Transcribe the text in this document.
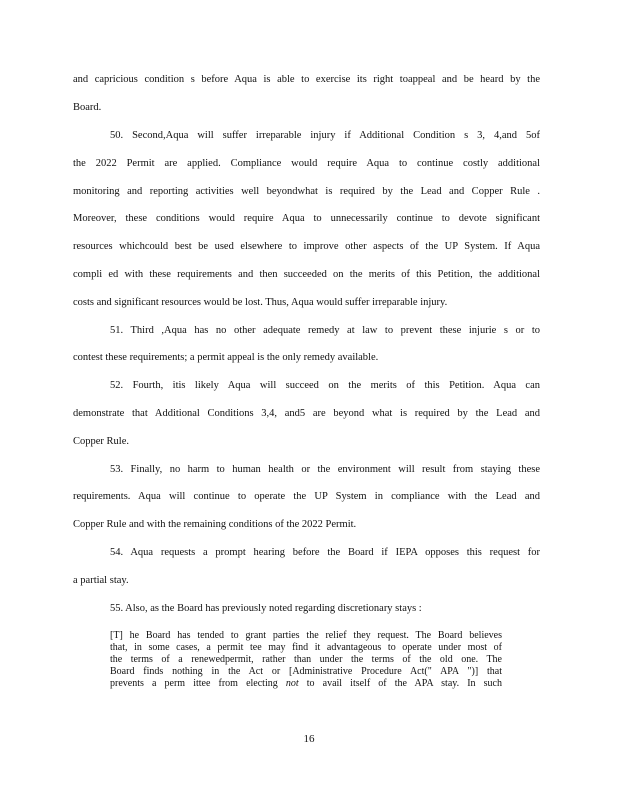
and capricious condition s before Aqua is able to exercise its right toappeal and be heard by the
Board.
50. Second,Aqua will suffer irreparable injury if Additional Condition s 3, 4,and 5of
the 2022 Permit are applied. Compliance would require Aqua to continue costly additional
monitoring and reporting activities well beyondwhat is required by the Lead and Copper Rule .
Moreover, these conditions would require Aqua to unnecessarily continue to devote significant
resources whichcould best be used elsewhere to improve other aspects of the UP System. If Aqua
compli ed with these requirements and then succeeded on the merits of this Petition, the additional
costs and significant resources would be lost. Thus, Aqua would suffer irreparable injury.
51. Third ,Aqua has no other adequate remedy at law to prevent these injurie s or to
contest these requirements; a permit appeal is the only remedy available.
52. Fourth, itis likely Aqua will succeed on the merits of this Petition. Aqua can
demonstrate that Additional Conditions 3,4, and5 are beyond what is required by the Lead and
Copper Rule.
53. Finally, no harm to human health or the environment will result from staying these
requirements. Aqua will continue to operate the UP System in compliance with the Lead and
Copper Rule and with the remaining conditions of the 2022 Permit.
54. Aqua requests a prompt hearing before the Board if IEPA opposes this request for
a partial stay.
55. Also, as the Board has previously noted regarding discretionary stays :
[T] he Board has tended to grant parties the relief they request. The Board believes
that, in some cases, a permit tee may find it advantageous to operate under most of
the terms of a renewedpermit, rather than under the terms of the old one. The
Board finds nothing in the Act or [Administrative Procedure Act(" APA ")] that
prevents a perm ittee from electing not to avail itself of the APA stay. In such
16
